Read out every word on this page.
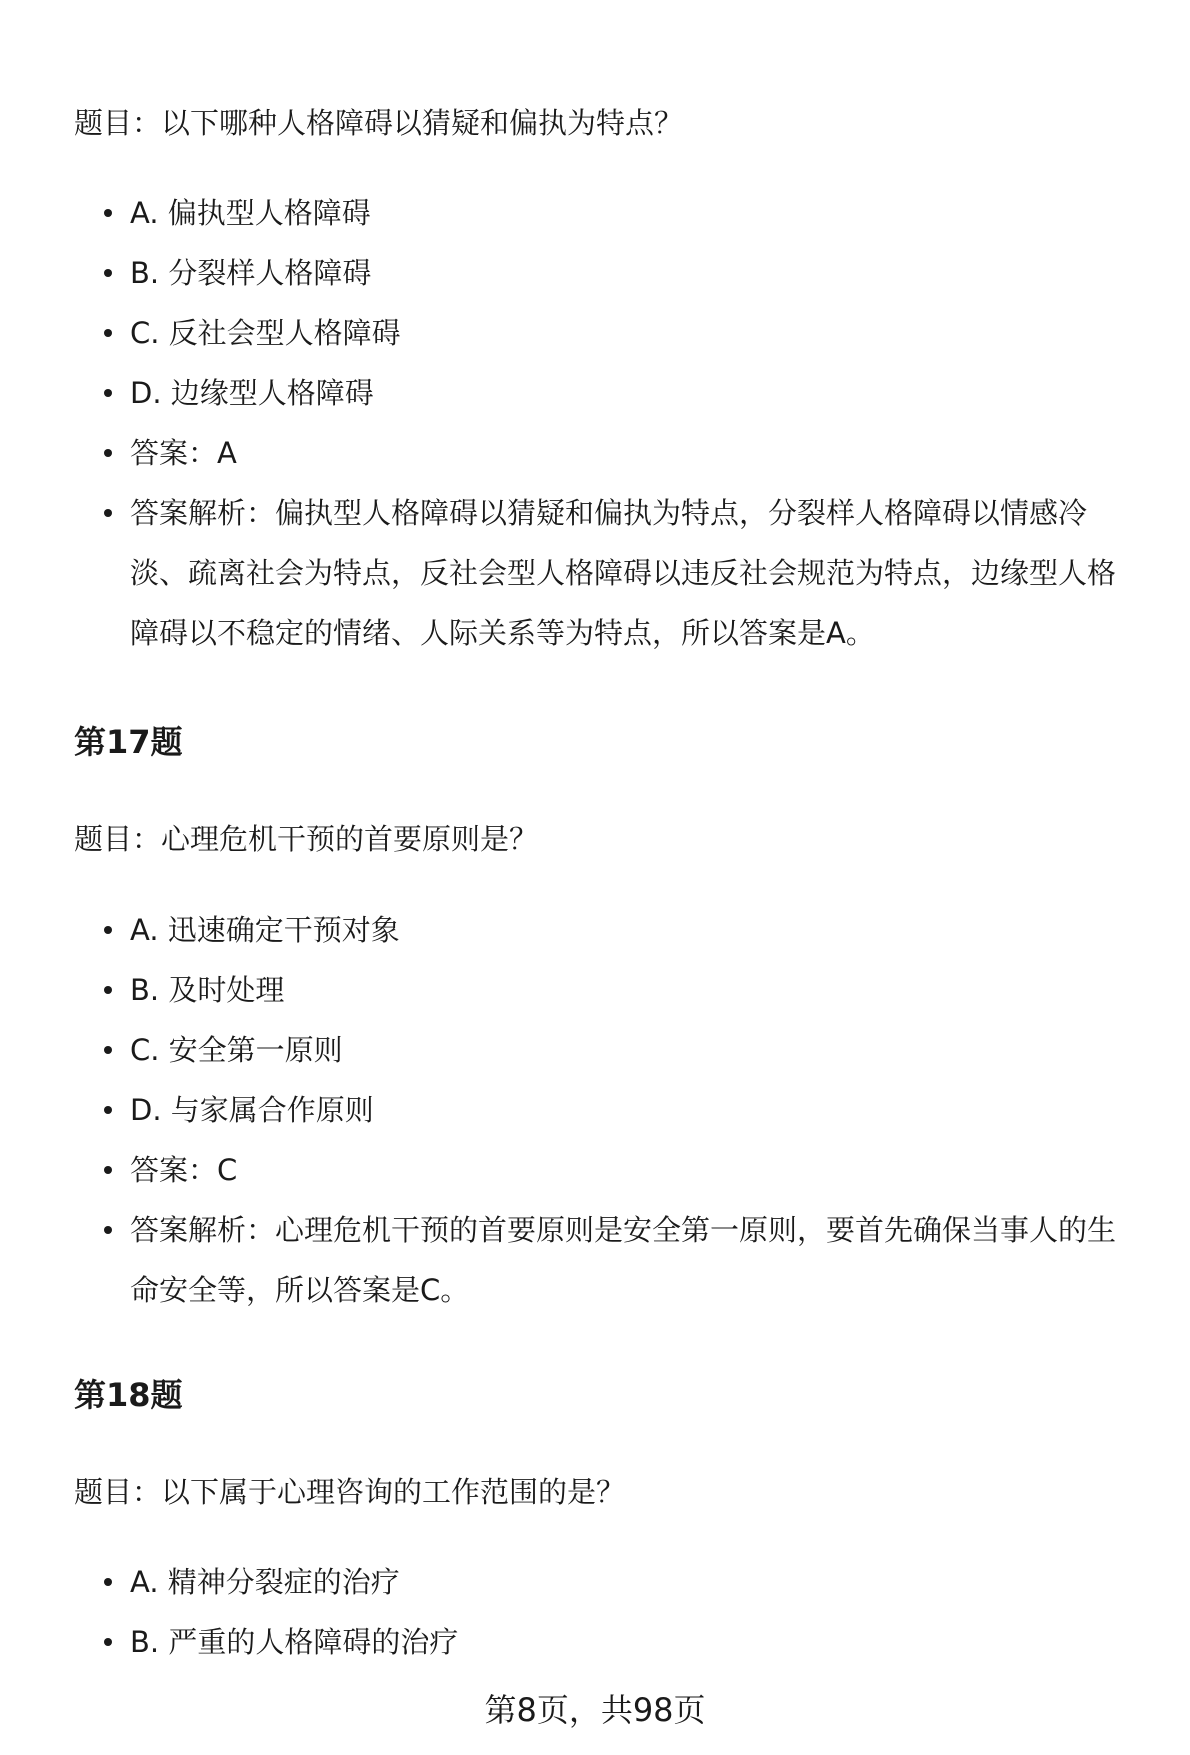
题目：以下哪种人格障碍以猜疑和偏执为特点？

A. 偏执型人格障碍
B. 分裂样人格障碍
C. 反社会型人格障碍
D. 边缘型人格障碍
答案：A
答案解析：偏执型人格障碍以猜疑和偏执为特点，分裂样人格障碍以情感冷
淡、疏离社会为特点，反社会型人格障碍以违反社会规范为特点，边缘型人格
障碍以不稳定的情绪、人际关系等为特点，所以答案是A。
第17题

题目：心理危机干预的首要原则是？

A. 迅速确定干预对象
B. 及时处理
C. 安全第一原则
D. 与家属合作原则
答案：C
答案解析：心理危机干预的首要原则是安全第一原则，要首先确保当事人的生
命安全等，所以答案是C。
第18题

题目：以下属于心理咨询的工作范围的是？

A. 精神分裂症的治疗
B. 严重的人格障碍的治疗
第8页，共98页
